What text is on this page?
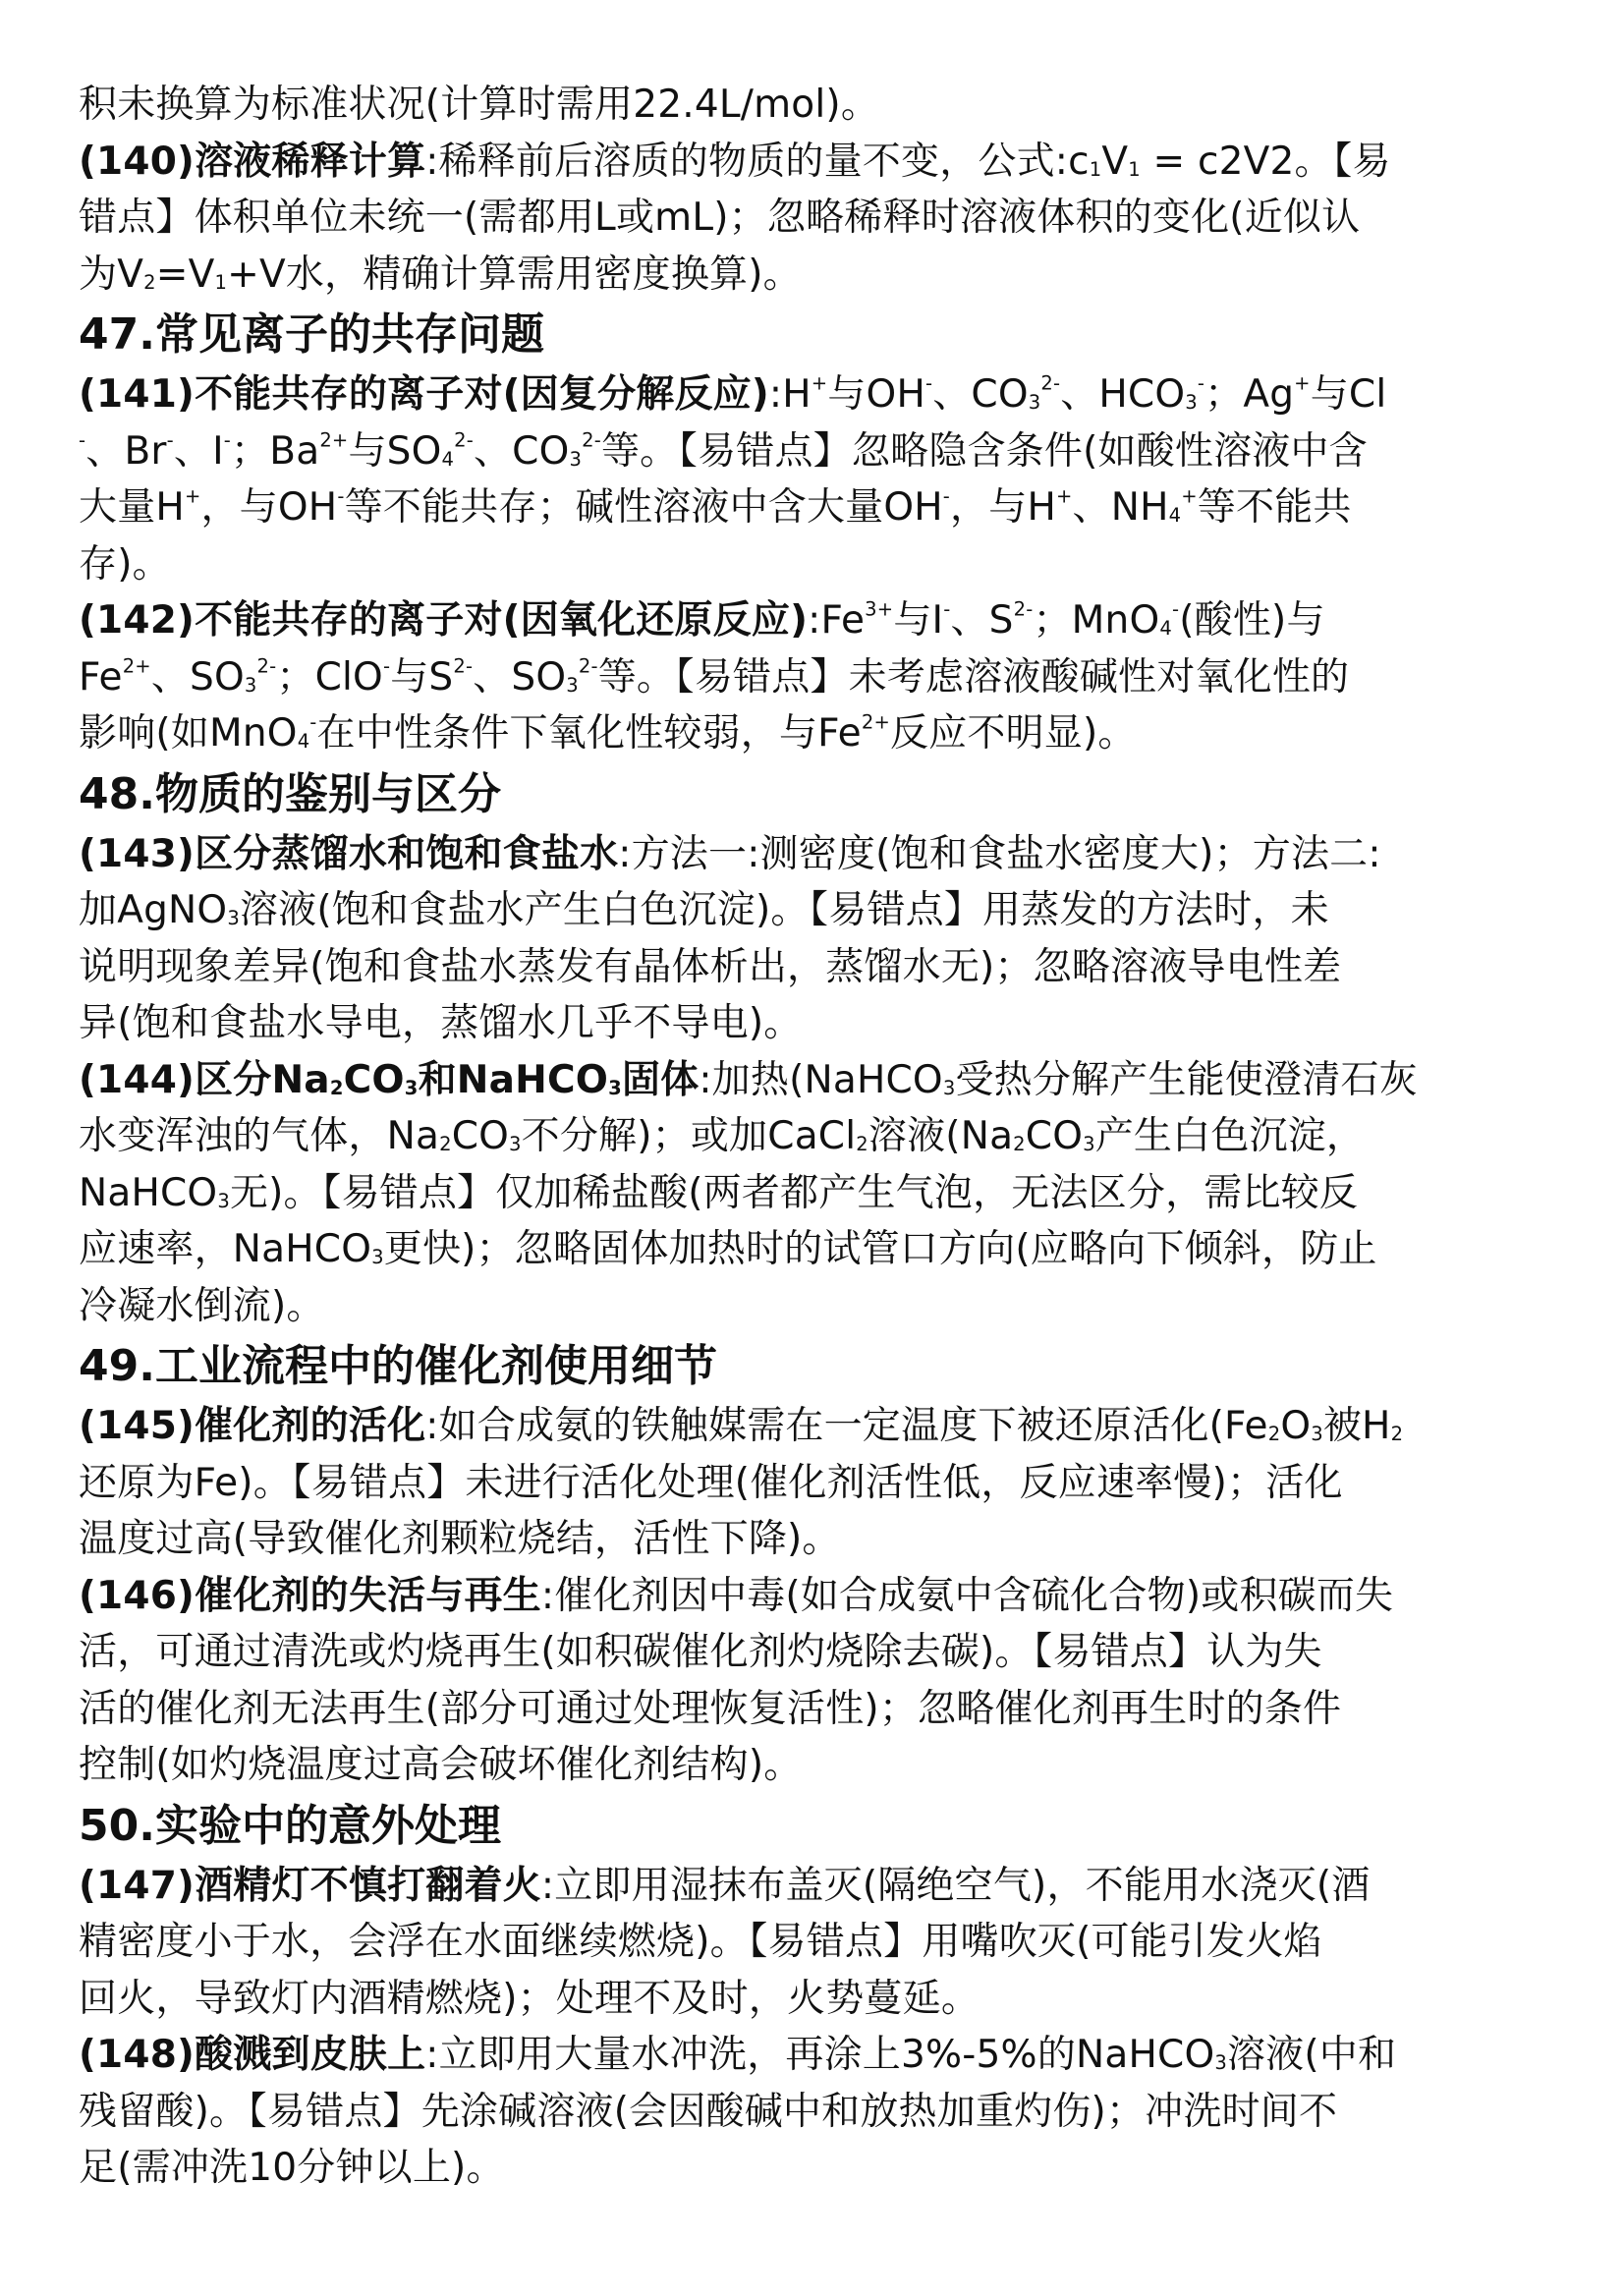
积未换算为标准状况(计算时需用22.4L/mol)。
(140)溶液稀释计算:稀释前后溶质的物质的量不变，公式$:c_1V_1 = c2V2$。【易
错点】体积单位未统一(需都用L或mL)；忽略稀释时溶液体积的变化(近似认
为$V_2=V_1+V$水，精确计算需用密度换算)。
47.常见离子的共存问题
(141)不能共存的离子对(因复分解反应):H+与OH-、$CO_3^{2-}$、$HCO_3^-$；Ag+与Cl
-、Br-、I-；$Ba^{2+}$与$SO_4^{2-}$、$CO_3^{2-}$等。【易错点】忽略隐含条件(如酸性溶液中含
大量H+，与OH-等不能共存；碱性溶液中含大量OH-，与H+、$NH_4^+$等不能共
存)。
(142)不能共存的离子对(因氧化还原反应)$:Fe^{3+}$与I-、$S^{2-}$；MnO$_4$-(酸性)与
$Fe^{2+}$、$SO_3^{2-}$；ClO-与$S^{2-}$、$SO_3^{2-}$等。【易错点】未考虑溶液酸碱性对氧化性的
影响(如MnO$_4$-在中性条件下氧化性较弱，与$Fe^{2+}$反应不明显)。
48.物质的鉴别与区分
(143)区分蒸馏水和饱和食盐水:方法一:测密度(饱和食盐水密度大)；方法二:
加AgNO$_3$溶液(饱和食盐水产生白色沉淀)。【易错点】用蒸发的方法时，未
说明现象差异(饱和食盐水蒸发有晶体析出，蒸馏水无)；忽略溶液导电性差
异(饱和食盐水导电，蒸馏水几乎不导电)。
(144)区分$Na_2CO_3$和NaHCO$_3$固体:加热(NaHCO$_3$受热分解产生能使澄清石灰
水变浑浊的气体，$Na_2CO_3$不分解)；或加CaCl$_2$溶液($Na_2CO_3$产生白色沉淀，
NaHCO$_3$无)。【易错点】仅加稀盐酸(两者都产生气泡，无法区分，需比较反
应速率，NaHCO$_3$更快)；忽略固体加热时的试管口方向(应略向下倾斜，防止
冷凝水倒流)。
49.工业流程中的催化剂使用细节
(145)催化剂的活化:如合成氨的铁触媒需在一定温度下被还原活化($Fe_2O_3$被$H_2$
还原为Fe)。【易错点】未进行活化处理(催化剂活性低，反应速率慢)；活化
温度过高(导致催化剂颗粒烧结，活性下降)。
(146)催化剂的失活与再生:催化剂因中毒(如合成氨中含硫化合物)或积碳而失
活，可通过清洗或灼烧再生(如积碳催化剂灼烧除去碳)。【易错点】认为失
活的催化剂无法再生(部分可通过处理恢复活性)；忽略催化剂再生时的条件
控制(如灼烧温度过高会破坏催化剂结构)。
50.实验中的意外处理
(147)酒精灯不慎打翻着火:立即用湿抹布盖灭(隔绝空气)，不能用水浇灭(酒
精密度小于水，会浮在水面继续燃烧)。【易错点】用嘴吹灭(可能引发火焰
回火，导致灯内酒精燃烧)；处理不及时，火势蔓延。
(148)酸溅到皮肤上:立即用大量水冲洗，再涂上3%-5%的NaHCO$_3$溶液(中和
残留酸)。【易错点】先涂碱溶液(会因酸碱中和放热加重灼伤)；冲洗时间不
足(需冲洗10分钟以上)。
